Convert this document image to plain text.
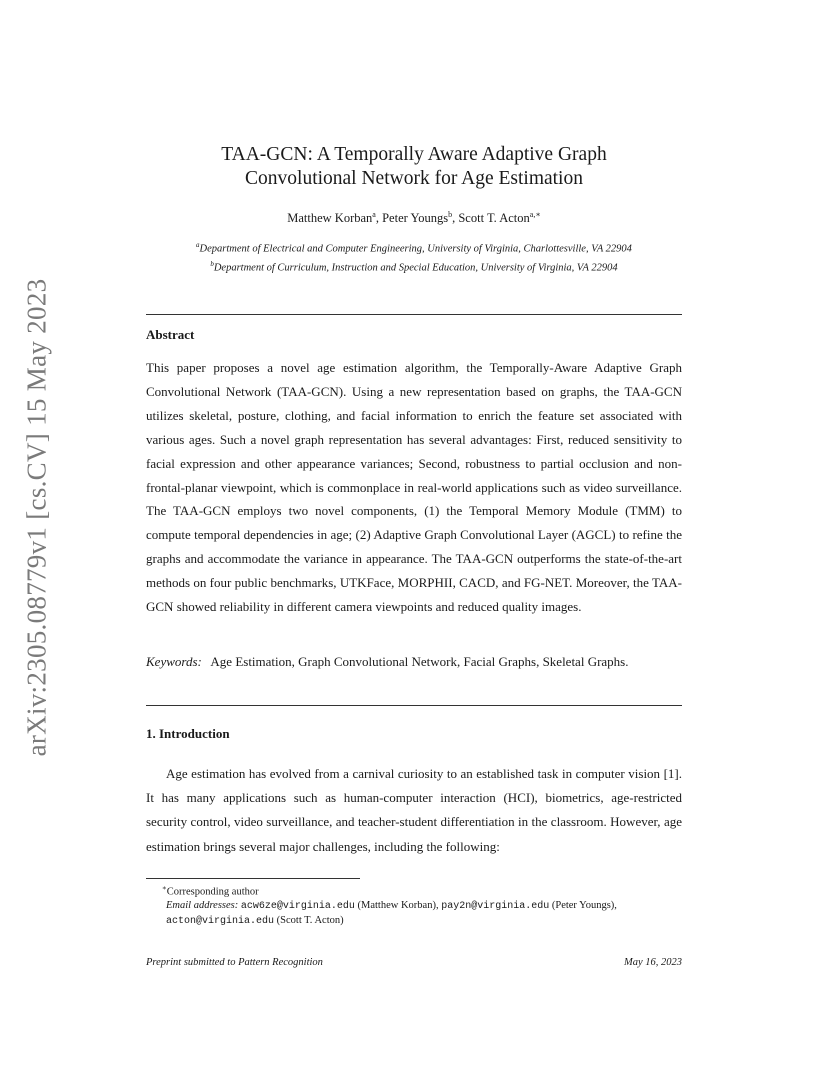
arXiv:2305.08779v1 [cs.CV] 15 May 2023
TAA-GCN: A Temporally Aware Adaptive Graph
Convolutional Network for Age Estimation
Matthew Korban$^a$, Peter Youngs$^b$, Scott T. Acton$^{a,∗}$
$^a$Department of Electrical and Computer Engineering, University of Virginia, Charlottesville, VA 22904
$^b$Department of Curriculum, Instruction and Special Education, University of Virginia, VA 22904
Abstract

This paper proposes a novel age estimation algorithm, the Temporally-Aware Adaptive Graph Convolutional Network (TAA-GCN). Using a new representation based on graphs, the TAA-GCN utilizes skeletal, posture, clothing, and facial information to enrich the feature set associated with various ages. Such a novel graph representation has several advantages: First, reduced sensitivity to facial expression and other appearance variances; Second, robustness to partial occlusion and non-frontal-planar viewpoint, which is commonplace in real-world applications such as video surveillance. The TAA-GCN employs two novel components, (1) the Temporal Memory Module (TMM) to compute temporal dependencies in age; (2) Adaptive Graph Convolutional Layer (AGCL) to refine the graphs and accommodate the variance in appearance. The TAA-GCN outperforms the state-of-the-art methods on four public benchmarks, UTKFace, MORPHII, CACD, and FG-NET. Moreover, the TAA-GCN showed reliability in different camera viewpoints and reduced quality images.

Keywords: Age Estimation, Graph Convolutional Network, Facial Graphs, Skeletal Graphs.

1. Introduction

Age estimation has evolved from a carnival curiosity to an established task in computer vision [1]. It has many applications such as human-computer interaction (HCI), biometrics, age-restricted security control, video surveillance, and teacher-student differentiation in the classroom. However, age estimation brings several major challenges, including the following:

∗Corresponding author
Email addresses: acw6ze@virginia.edu (Matthew Korban), pay2n@virginia.edu (Peter Youngs), acton@virginia.edu (Scott T. Acton)
Preprint submitted to Pattern Recognition	May 16, 2023
